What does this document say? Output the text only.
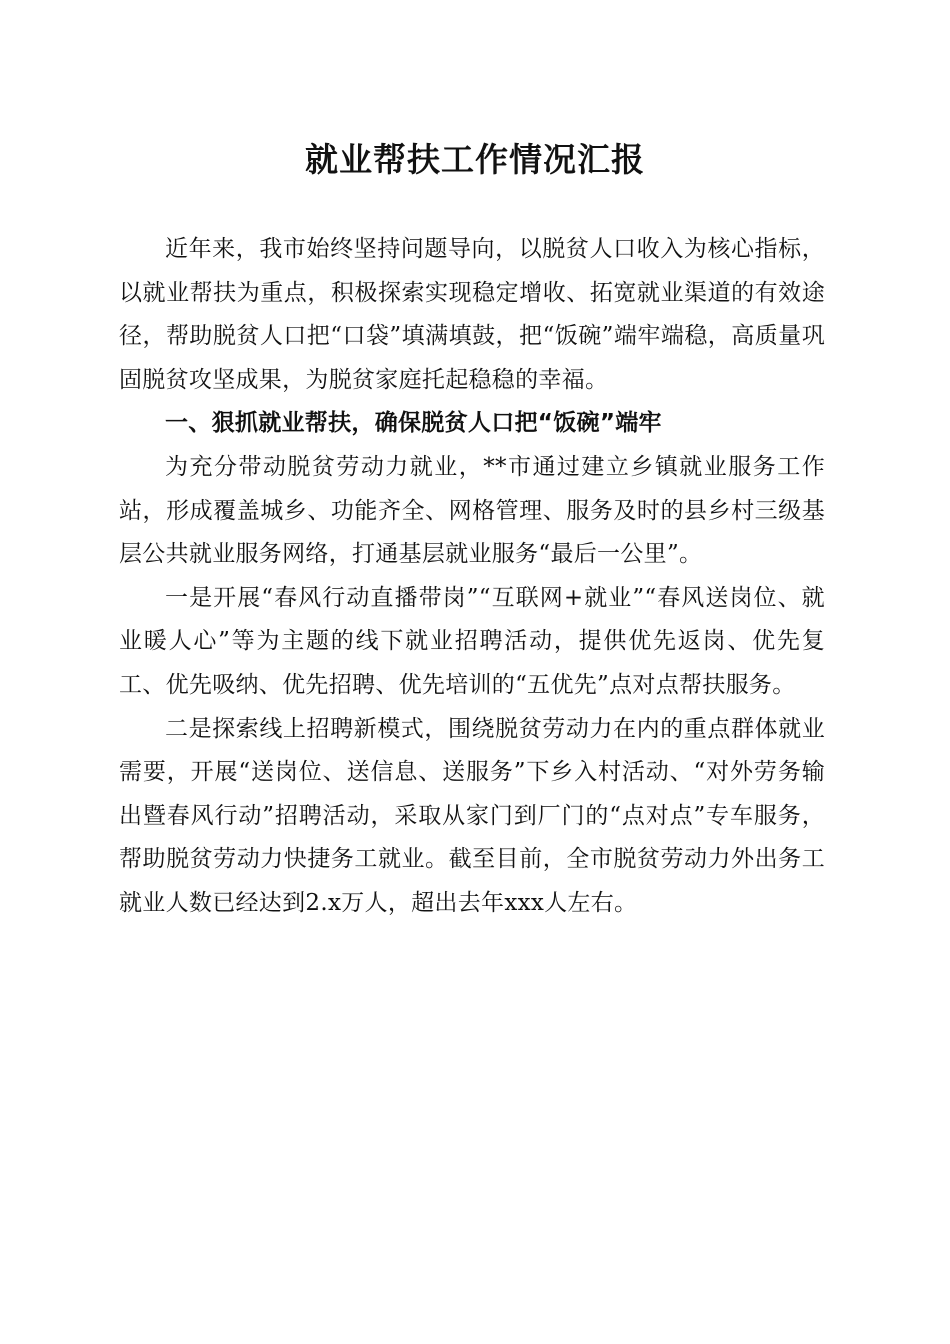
就业帮扶工作情况汇报

近年来，我市始终坚持问题导向，以脱贫人口收入为核心指标，以就业帮扶为重点，积极探索实现稳定增收、拓宽就业渠道的有效途径，帮助脱贫人口把“口袋”填满填鼓，把“饭碗”端牢端稳，高质量巩固脱贫攻坚成果，为脱贫家庭托起稳稳的幸福。

一、狠抓就业帮扶，确保脱贫人口把“饭碗”端牢

为充分带动脱贫劳动力就业，**市通过建立乡镇就业服务工作站，形成覆盖城乡、功能齐全、网格管理、服务及时的县乡村三级基层公共就业服务网络，打通基层就业服务“最后一公里”。

一是开展“春风行动直播带岗”“互联网+就业”“春风送岗位、就业暖人心”等为主题的线下就业招聘活动，提供优先返岗、优先复工、优先吸纳、优先招聘、优先培训的“五优先”点对点帮扶服务。

二是探索线上招聘新模式，围绕脱贫劳动力在内的重点群体就业需要，开展“送岗位、送信息、送服务”下乡入村活动、“对外劳务输出暨春风行动”招聘活动，采取从家门到厂门的“点对点”专车服务，帮助脱贫劳动力快捷务工就业。截至目前，全市脱贫劳动力外出务工就业人数已经达到2.x万人，超出去年xxx人左右。
